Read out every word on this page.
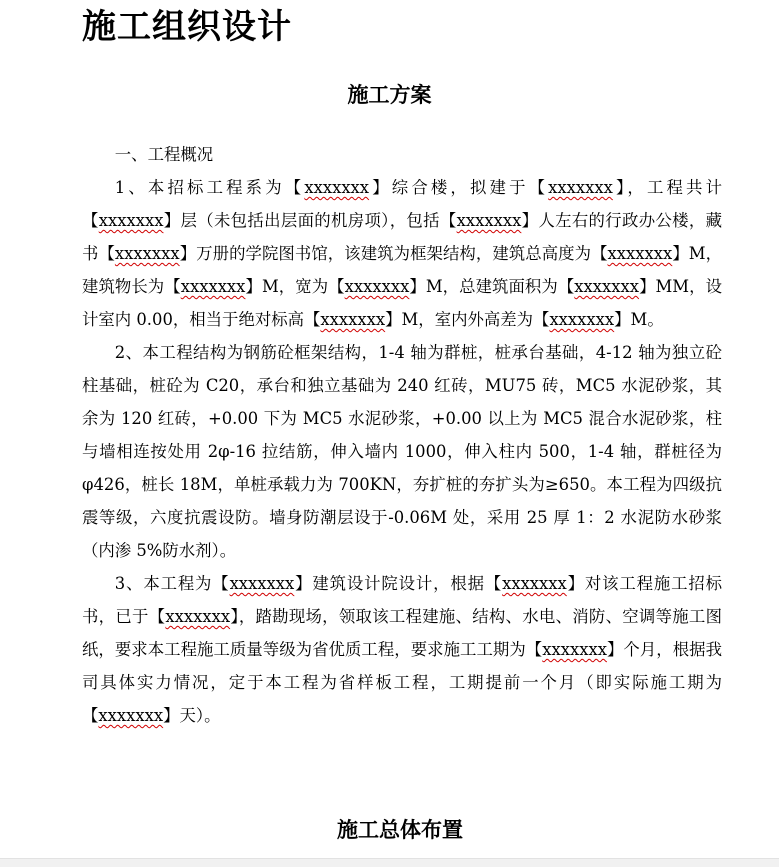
施工组织设计
施工方案

一、工程概况

1、本招标工程系为【xxxxxxx】综合楼，拟建于【xxxxxxx】，工程共计【xxxxxxx】层（未包括出层面的机房项），包括【xxxxxxx】人左右的行政办公楼，藏书【xxxxxxx】万册的学院图书馆，该建筑为框架结构，建筑总高度为【xxxxxxx】M，建筑物长为【xxxxxxx】M，宽为【xxxxxxx】M，总建筑面积为【xxxxxxx】MM，设计室内 0.00，相当于绝对标高【xxxxxxx】M，室内外高差为【xxxxxxx】M。

2、本工程结构为钢筋砼框架结构，1-4 轴为群桩，桩承台基础，4-12 轴为独立砼柱基础，桩砼为 C20，承台和独立基础为 240 红砖，MU75 砖，MC5 水泥砂浆，其余为 120 红砖，+0.00 下为 MC5 水泥砂浆，+0.00 以上为 MC5 混合水泥砂浆，柱与墙相连按处用 2φ-16 拉结筋，伸入墙内 1000，伸入柱内 500，1-4 轴，群桩径为φ426，桩长 18M，单桩承载力为 700KN，夯扩桩的夯扩头为≥650。本工程为四级抗震等级，六度抗震设防。墙身防潮层设于-0.06M 处，采用 25 厚 1：2 水泥防水砂浆（内渗 5%防水剂）。

3、本工程为【xxxxxxx】建筑设计院设计，根据【xxxxxxx】对该工程施工招标书，已于【xxxxxxx】，踏勘现场，领取该工程建施、结构、水电、消防、空调等施工图纸，要求本工程施工质量等级为省优质工程，要求施工工期为【xxxxxxx】个月，根据我司具体实力情况，定于本工程为省样板工程，工期提前一个月（即实际施工期为【xxxxxxx】天）。

施工总体布置
